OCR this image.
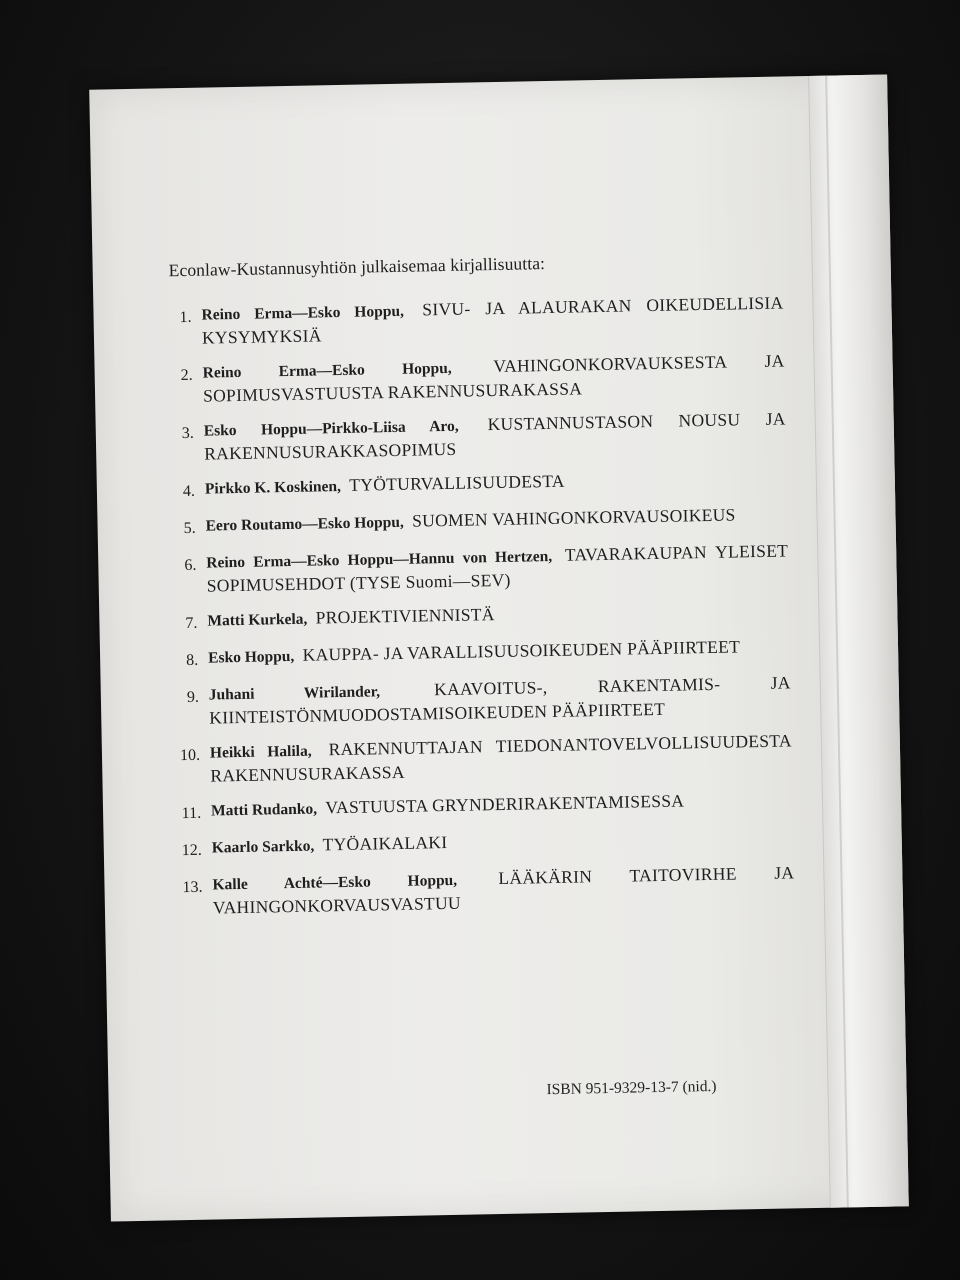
Econlaw-Kustannusyhtiön julkaisemaa kirjallisuutta:
1. Reino Erma—Esko Hoppu, SIVU- JA ALAURAKAN OIKEUDELLISIA KYSYMYKSIÄ
2. Reino Erma—Esko Hoppu, VAHINGONKORVAUKSESTA JA SOPIMUSVASTUUSTA RAKENNUSURAKASSA
3. Esko Hoppu—Pirkko-Liisa Aro, KUSTANNUSTASON NOUSU JA RAKENNUSURAKKASOPIMUS
4. Pirkko K. Koskinen, TYÖTURVALLISUUDESTA
5. Eero Routamo—Esko Hoppu, SUOMEN VAHINGONKORVAUSOIKEUS
6. Reino Erma—Esko Hoppu—Hannu von Hertzen, TAVARAKAUPAN YLEISET SOPIMUSEHDOT (TYSE Suomi—SEV)
7. Matti Kurkela, PROJEKTIVIENNISTÄ
8. Esko Hoppu, KAUPPA- JA VARALLISUUSOIKEUDEN PÄÄPIIRTEET
9. Juhani Wirilander,	KAAVOITUS-, RAKENTAMIS- JA KIINTEISTÖNMUODOSTAMISOIKEUDEN PÄÄPIIRTEET
10. Heikki Halila, RAKENNUTTAJAN TIEDONANTOVELVOLLISUUDESTA RAKENNUSURAKASSA
11. Matti Rudanko, VASTUUSTA GRYNDERIRAKENTAMISESSA
12. Kaarlo Sarkko, TYÖAIKALAKI
13. Kalle Achté—Esko Hoppu, LÄÄKÄRIN TAITOVIRHE JA VAHINGONKORVAUSVASTUU
ISBN 951-9329-13-7 (nid.)
